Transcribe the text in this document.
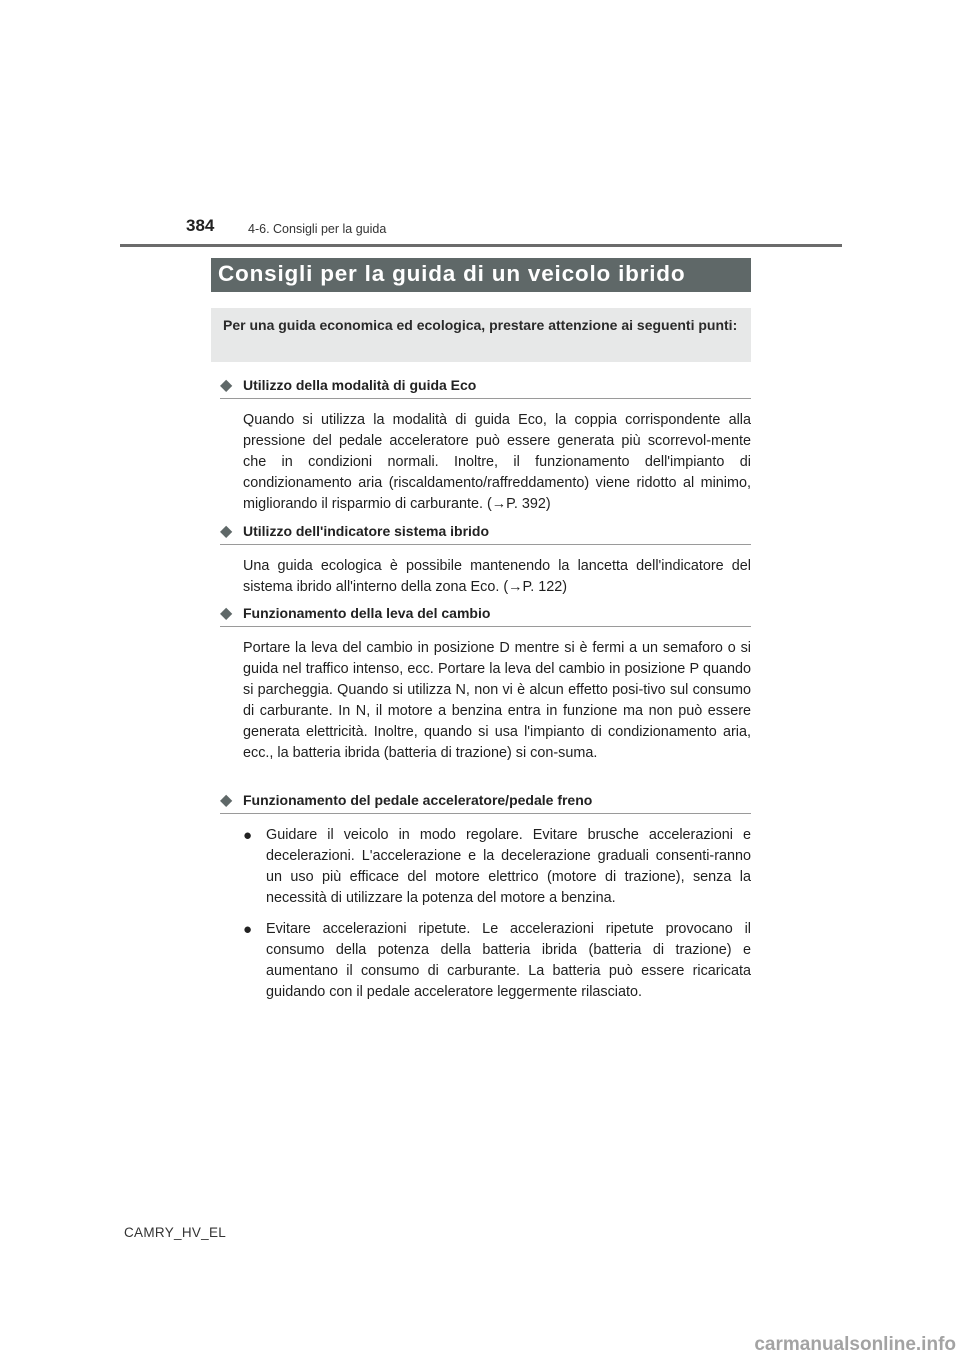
384	4-6. Consigli per la guida
Consigli per la guida di un veicolo ibrido

Per una guida economica ed ecologica, prestare attenzione ai seguenti punti:

◆ Utilizzo della modalità di guida Eco

Quando si utilizza la modalità di guida Eco, la coppia corrispondente alla pressione del pedale acceleratore può essere generata più scorrevol-mente che in condizioni normali. Inoltre, il funzionamento dell'impianto di condizionamento aria (riscaldamento/raffreddamento) viene ridotto al minimo, migliorando il risparmio di carburante. (→P. 392)

◆ Utilizzo dell'indicatore sistema ibrido

Una guida ecologica è possibile mantenendo la lancetta dell'indicatore del sistema ibrido all'interno della zona Eco. (→P. 122)

◆ Funzionamento della leva del cambio

Portare la leva del cambio in posizione D mentre si è fermi a un semaforo o si guida nel traffico intenso, ecc. Portare la leva del cambio in posizione P quando si parcheggia. Quando si utilizza N, non vi è alcun effetto posi-tivo sul consumo di carburante. In N, il motore a benzina entra in funzione ma non può essere generata elettricità. Inoltre, quando si usa l'impianto di condizionamento aria, ecc., la batteria ibrida (batteria di trazione) si con-suma.

◆ Funzionamento del pedale acceleratore/pedale freno
● Guidare il veicolo in modo regolare. Evitare brusche accelerazioni e decelerazioni. L'accelerazione e la decelerazione graduali consenti-ranno un uso più efficace del motore elettrico (motore di trazione), senza la necessità di utilizzare la potenza del motore a benzina.
● Evitare accelerazioni ripetute. Le accelerazioni ripetute provocano il consumo della potenza della batteria ibrida (batteria di trazione) e aumentano il consumo di carburante. La batteria può essere ricaricata guidando con il pedale acceleratore leggermente rilasciato.
CAMRY_HV_EL
carmanualsonline.info
